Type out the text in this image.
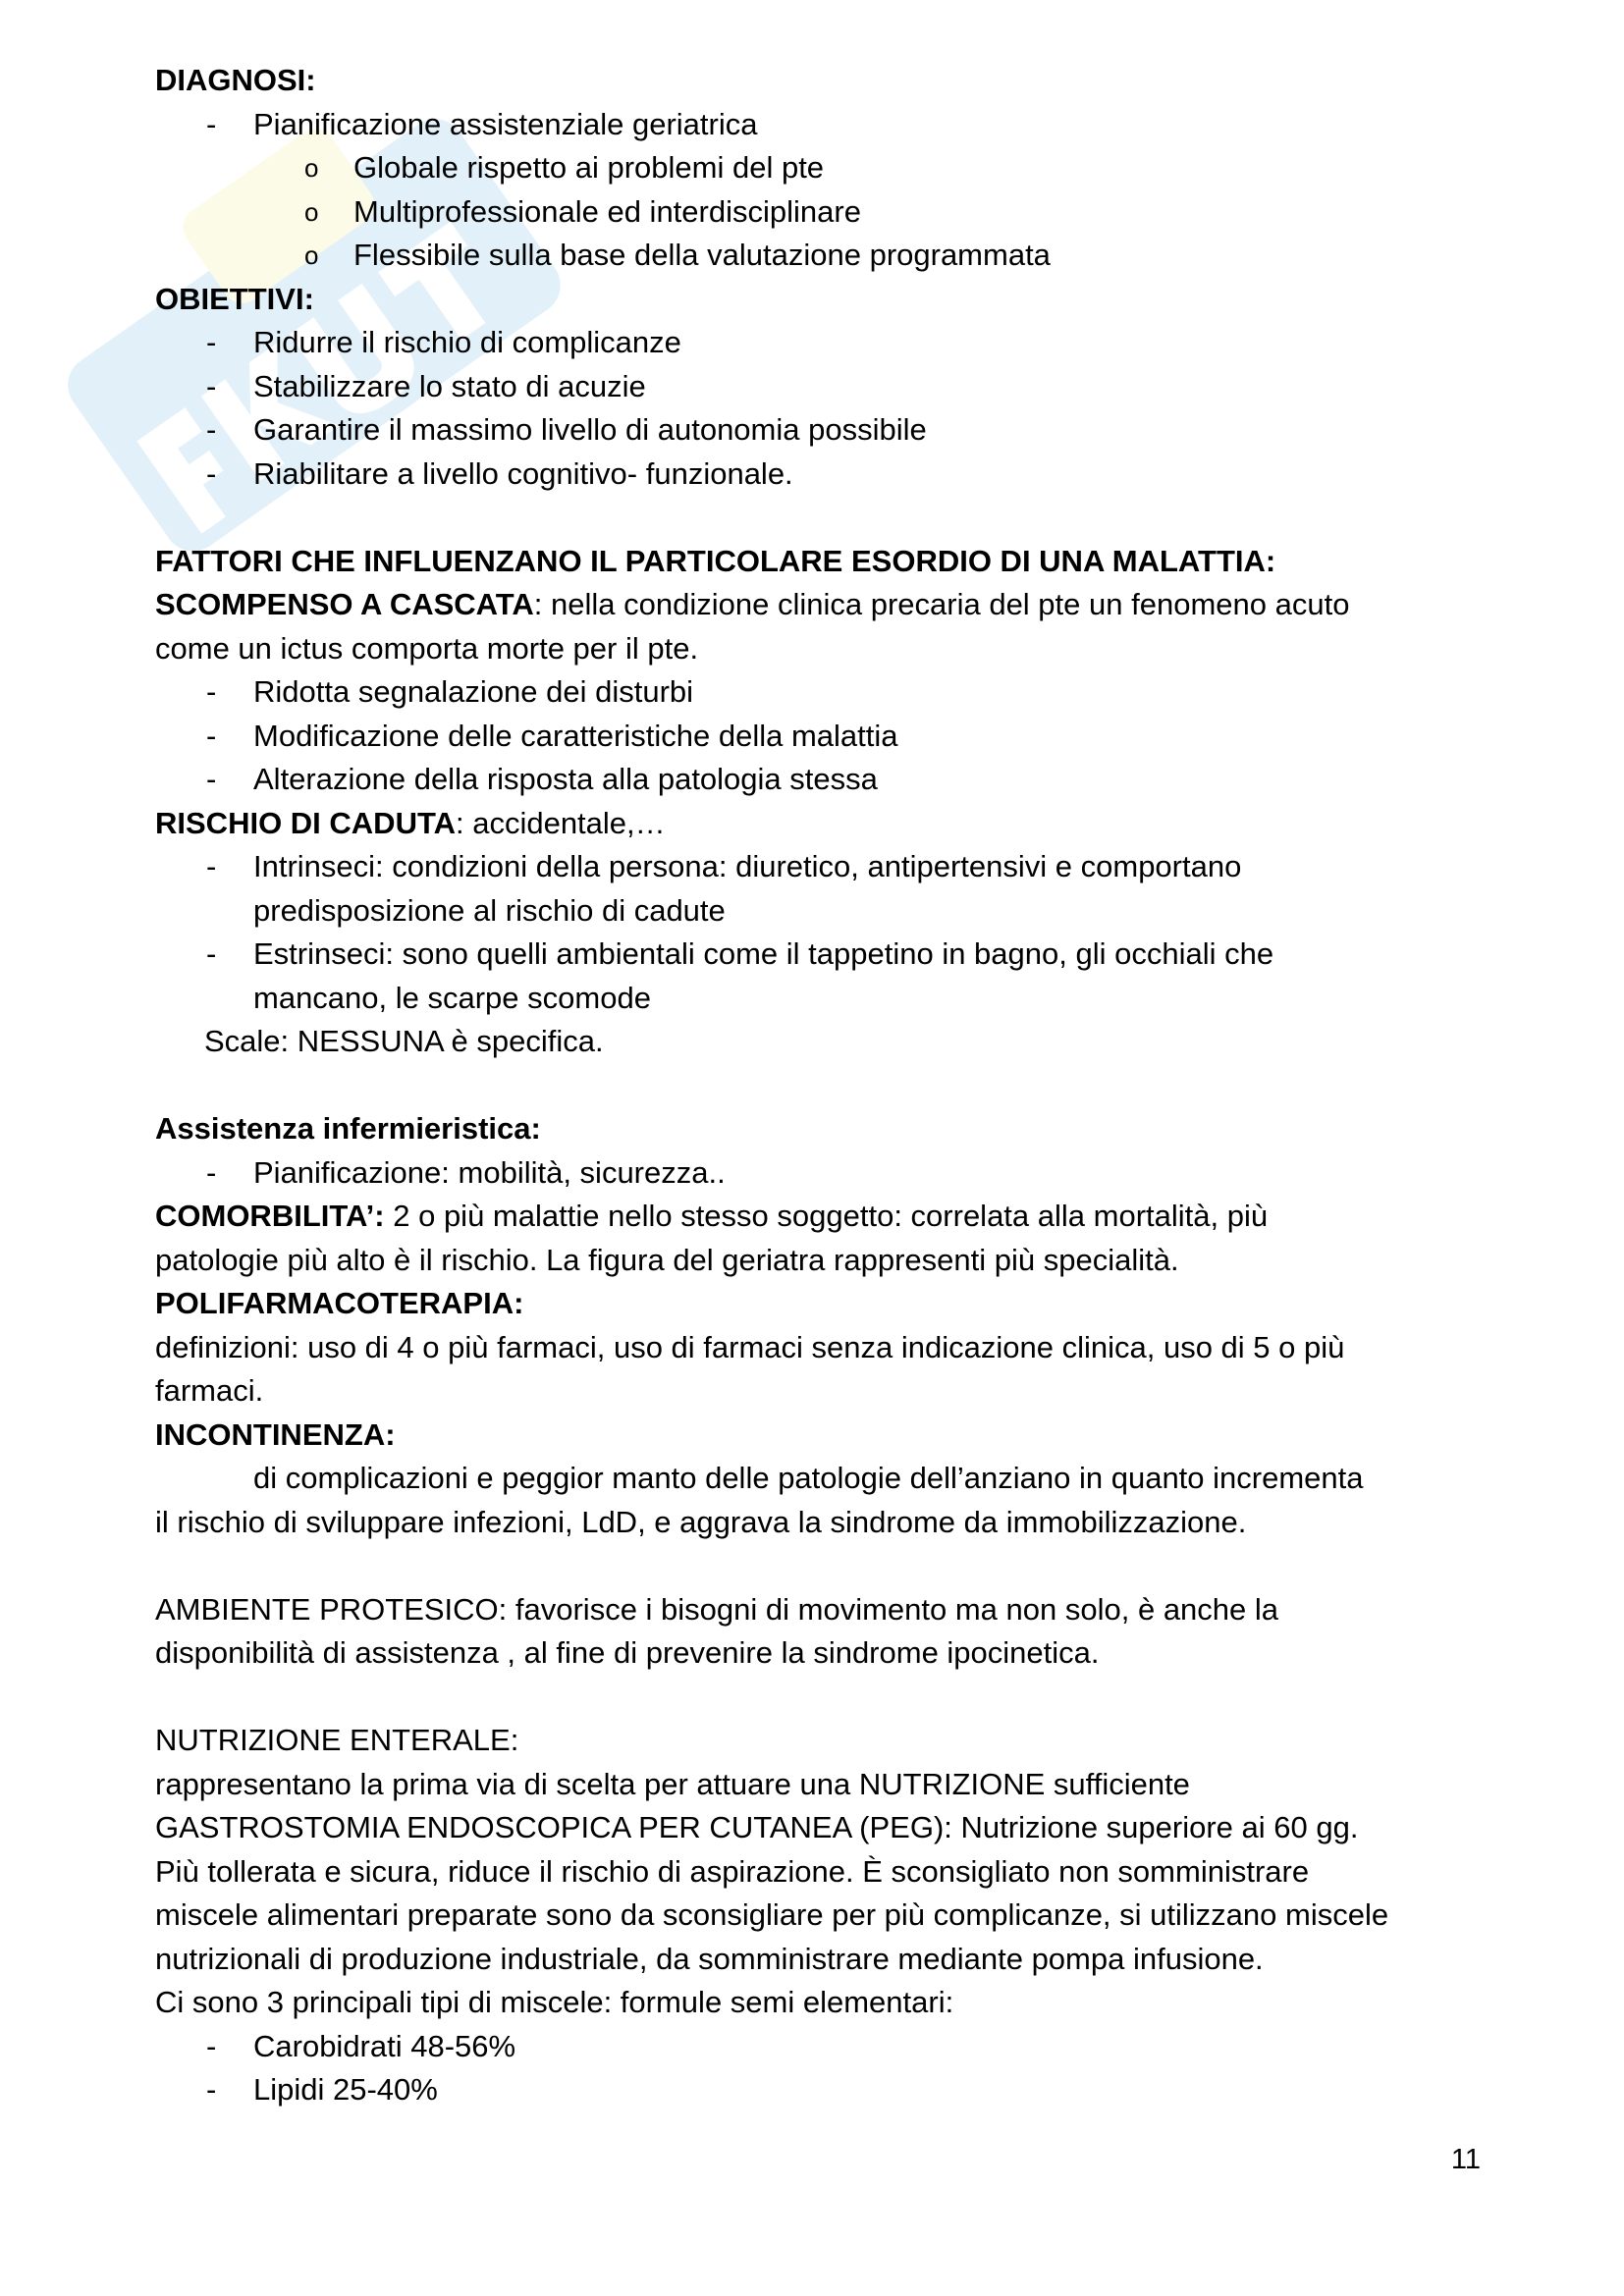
DIAGNOSI:
- Pianificazione assistenziale geriatrica
o Globale rispetto ai problemi del pte
o Multiprofessionale ed interdisciplinare
o Flessibile sulla base della valutazione programmata
OBIETTIVI:
- Ridurre il rischio di complicanze
- Stabilizzare lo stato di acuzie
- Garantire il massimo livello di autonomia possibile
- Riabilitare a livello cognitivo- funzionale.
FATTORI CHE INFLUENZANO IL PARTICOLARE ESORDIO DI UNA MALATTIA:
SCOMPENSO A CASCATA: nella condizione clinica precaria del pte un fenomeno acuto
come un ictus comporta morte per il pte.
- Ridotta segnalazione dei disturbi
- Modificazione delle caratteristiche della malattia
- Alterazione della risposta alla patologia stessa
RISCHIO DI CADUTA: accidentale,…
- Intrinseci: condizioni della persona: diuretico, antipertensivi e comportano
predisposizione al rischio di cadute
- Estrinseci: sono quelli ambientali come il tappetino in bagno, gli occhiali che
mancano, le scarpe scomode
Scale: NESSUNA è specifica.
Assistenza infermieristica:
- Pianificazione: mobilità, sicurezza..
COMORBILITA’: 2 o più malattie nello stesso soggetto: correlata alla mortalità, più
patologie più alto è il rischio. La figura del geriatra rappresenti più specialità.
POLIFARMACOTERAPIA:
definizioni: uso di 4 o più farmaci, uso di farmaci senza indicazione clinica, uso di 5 o più
farmaci.
INCONTINENZA:
di complicazioni e peggior manto delle patologie dell’anziano in quanto incrementa
il rischio di sviluppare infezioni, LdD, e aggrava la sindrome da immobilizzazione.
AMBIENTE PROTESICO: favorisce i bisogni di movimento ma non solo, è anche la
disponibilità di assistenza , al fine di prevenire la sindrome ipocinetica.
NUTRIZIONE ENTERALE:
rappresentano la prima via di scelta per attuare una NUTRIZIONE sufficiente
GASTROSTOMIA ENDOSCOPICA PER CUTANEA (PEG): Nutrizione superiore ai 60 gg.
Più tollerata e sicura, riduce il rischio di aspirazione. È sconsigliato non somministrare
miscele alimentari preparate sono da sconsigliare per più complicanze, si utilizzano miscele
nutrizionali di produzione industriale, da somministrare mediante pompa infusione.
Ci sono 3 principali tipi di miscele: formule semi elementari:
- Carobidrati 48-56%
- Lipidi 25-40%
11
